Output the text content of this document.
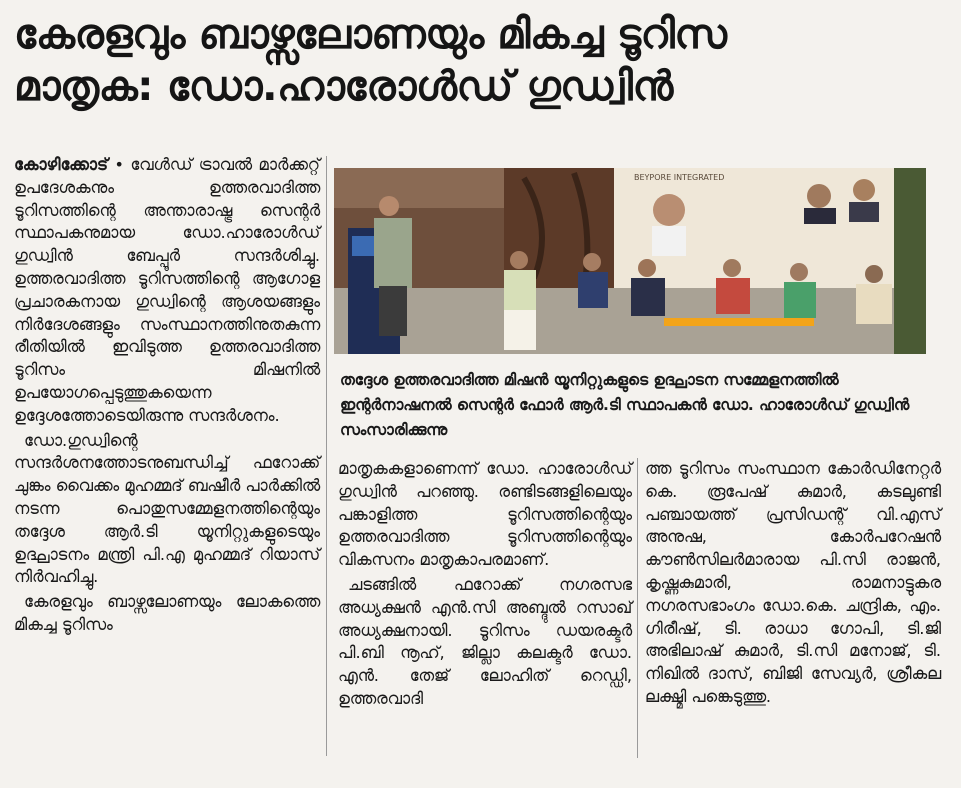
കേരളവും ബാഴ്സലോണയും മികച്ച ടൂറിസ
മാതൃക: ഡോ.ഹാരോൾഡ് ഗുഡ്വിൻ

കോഴിക്കോട് • വേൾഡ് ട്രാവൽ മാർക്കറ്റ് ഉപദേശകനും ഉത്തരവാദിത്ത ടൂറിസത്തിന്റെ അന്താരാഷ്ട്ര സെന്റർ സ്ഥാപകനുമായ ഡോ.ഹാരോൾഡ് ഗുഡ്വിൻ ബേപ്പൂർ സന്ദർശിച്ചു. ഉത്തരവാദിത്ത ടൂറിസത്തിന്റെ ആഗോള പ്രചാരകനായ ഗുഡ്വിന്റെ ആശയങ്ങളും നിർദേശങ്ങളും സംസ്ഥാനത്തിനുതകുന്ന രീതിയിൽ ഇവിടുത്ത ഉത്തരവാദിത്ത ടൂറിസം മിഷനിൽ ഉപയോഗപ്പെടുത്തുകയെന്ന ഉദ്ദേശത്തോടെയിരുന്നു സന്ദർശനം.

ഡോ.ഗുഡ്വിന്റെ സന്ദർശനത്തോടനുബന്ധിച്ച് ഫറോക്ക് ചുങ്കം വൈക്കം മുഹമ്മദ് ബഷീർ പാർക്കിൽ നടന്ന പൊതുസമ്മേളനത്തിന്റെയും തദ്ദേശ ആർ.ടി യൂനിറ്റുകളുടെയും ഉദ്ഘാടനം മന്ത്രി പി.എ മുഹമ്മദ് റിയാസ് നിർവഹിച്ചു.

കേരളവും ബാഴ്സലോണയും ലോകത്തെ മികച്ച ടൂറിസം

BEYPORE INTEGRATED
തദ്ദേശ ഉത്തരവാദിത്ത മിഷൻ യൂനിറ്റുകളുടെ ഉദ്ഘാടന സമ്മേളനത്തിൽ
ഇന്റർനാഷനൽ സെന്റർ ഫോർ ആർ.ടി സ്ഥാപകൻ ഡോ. ഹാരോൾഡ് ഗുഡ്വിൻ
സംസാരിക്കുന്നു

മാതൃകകളാണെന്ന് ഡോ. ഹാരോൾഡ് ഗുഡ്വിൻ പറഞ്ഞു. രണ്ടിടങ്ങളിലെയും പങ്കാളിത്ത ടൂറിസത്തിന്റെയും ഉത്തരവാദിത്ത ടൂറിസത്തിന്റെയും വികസനം മാതൃകാപരമാണ്.

ചടങ്ങിൽ ഫറോക്ക് നഗരസഭ അധ്യക്ഷൻ എൻ.സി അബ്ദുൽ റസാഖ് അധ്യക്ഷനായി. ടൂറിസം ഡയരക്ടർ പി.ബി നൂഹ്, ജില്ലാ കലക്ടർ ഡോ. എൻ. തേജ് ലോഹിത് റെഡ്ഡി, ഉത്തരവാദി

ത്ത ടൂറിസം സംസ്ഥാന കോർഡിനേറ്റർ കെ. രൂപേഷ് കുമാർ, കടലുണ്ടി പഞ്ചായത്ത് പ്രസിഡന്റ് വി.എസ് അനുഷ, കോർപറേഷൻ കൗൺസിലർമാരായ പി.സി രാജൻ, കൃഷ്ണകുമാരി, രാമനാട്ടുകര നഗരസഭാംഗം ഡോ.കെ. ചന്ദ്രിക, എം. ഗിരീഷ്, ടി. രാധാ ഗോപി, ടി.ജി അഭിലാഷ് കുമാർ, ടി.സി മനോജ്, ടി. നിഖിൽ ദാസ്, ബിജി സേവ്യർ, ശ്രീകല ലക്ഷ്മി പങ്കെടുത്തു.
